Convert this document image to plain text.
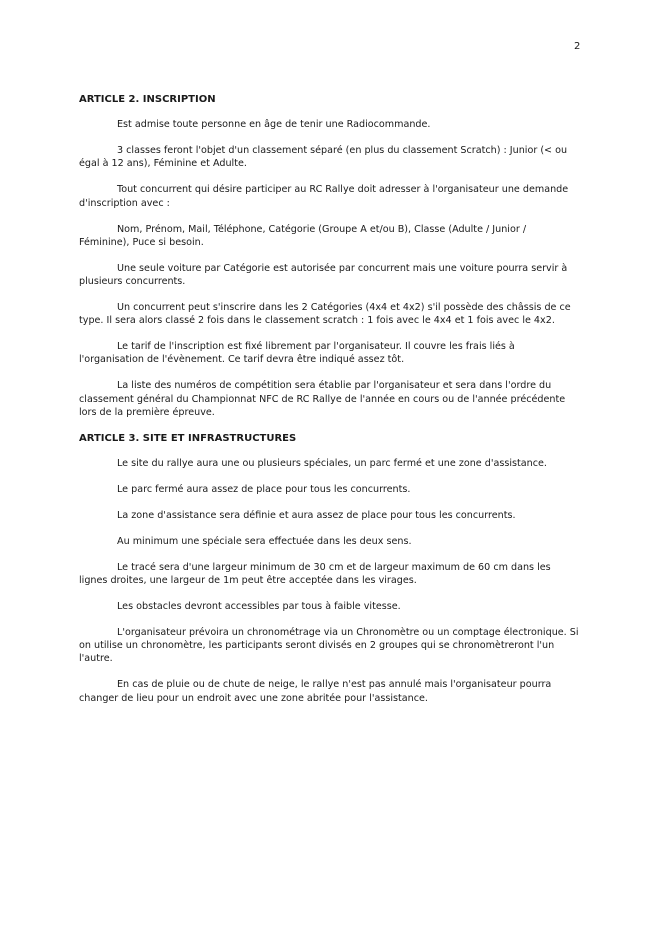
2
ARTICLE 2. INSCRIPTION

Est admise toute personne en âge de tenir une Radiocommande.

3 classes feront l'objet d'un classement séparé (en plus du classement Scratch) : Junior (< ou égal à 12 ans), Féminine et Adulte.

Tout concurrent qui désire participer au RC Rallye doit adresser à l'organisateur une demande d'inscription avec :

Nom, Prénom, Mail, Téléphone, Catégorie (Groupe A et/ou B), Classe (Adulte / Junior / Féminine), Puce si besoin.

Une seule voiture par Catégorie est autorisée par concurrent mais une voiture pourra servir à plusieurs concurrents.

Un concurrent peut s'inscrire dans les 2 Catégories (4x4 et 4x2) s'il possède des châssis de ce type. Il sera alors classé 2 fois dans le classement scratch : 1 fois avec le 4x4 et 1 fois avec le 4x2.

Le tarif de l'inscription est fixé librement par l'organisateur. Il couvre les frais liés à l'organisation de l'évènement. Ce tarif devra être indiqué assez tôt.

La liste des numéros de compétition sera établie par l'organisateur et sera dans l'ordre du classement général du Championnat NFC de RC Rallye de l'année en cours ou de l'année précédente lors de la première épreuve.

ARTICLE 3. SITE ET INFRASTRUCTURES

Le site du rallye aura une ou plusieurs spéciales, un parc fermé et une zone d'assistance.

Le parc fermé aura assez de place pour tous les concurrents.

La zone d'assistance sera définie et aura assez de place pour tous les concurrents.

Au minimum une spéciale sera effectuée dans les deux sens.

Le tracé sera d'une largeur minimum de 30 cm et de largeur maximum de 60 cm dans les lignes droites, une largeur de 1m peut être acceptée dans les virages.

Les obstacles devront accessibles par tous à faible vitesse.

L'organisateur prévoira un chronométrage via un Chronomètre ou un comptage électronique. Si on utilise un chronomètre, les participants seront divisés en 2 groupes qui se chronomètreront l'un l'autre.

En cas de pluie ou de chute de neige, le rallye n'est pas annulé mais l'organisateur pourra changer de lieu pour un endroit avec une zone abritée pour l'assistance.
